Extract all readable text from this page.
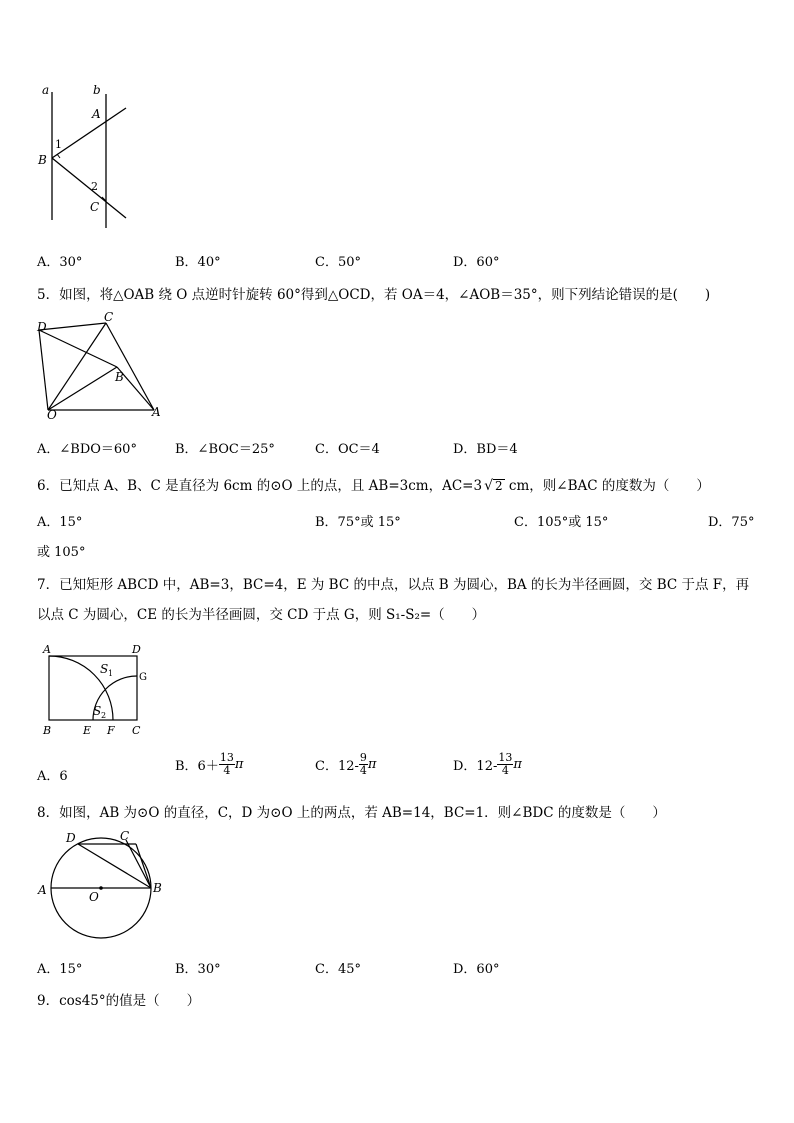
a	b
A
1
B
2
C
A．30°	B．40°	C．50°	D．60°
5．如图，将△OAB 绕 O 点逆时针旋转 60°得到△OCD，若 OA＝4，∠AOB＝35°，则下列结论错误的是(　　)
D
C
B
O	A
A．∠BDO＝60°	B．∠BOC＝25°	C．OC＝4	D．BD＝4
6．已知点 A、B、C 是直径为 6cm 的⊙O 上的点，且 AB=3cm，AC=3 √ 2 cm，则∠BAC 的度数为（　　）
A．15°	B．75°或 15°	C．105°或 15°	D．75°
或 105°
7．已知矩形 ABCD 中，AB=3，BC=4，E 为 BC 的中点，以点 B 为圆心，BA 的长为半径画圆，交 BC 于点 F，再
以点 C 为圆心，CE 的长为半径画圆，交 CD 于点 G，则 S₁-S₂=（　　）
A	D
G
B	E F C
S 1
S 2
A．6
B．$6+ \frac{13}{4}$ π	C．$12- \frac{9}{4}$ π	D．$12- \frac{13}{4}$ π
8．如图，AB 为⊙O 的直径，C，D 为⊙O 上的两点，若 AB=14，BC=1．则∠BDC 的度数是（　　）
D	C
A	O
B
A．15°	B．30°	C．45°	D．60°
9．cos45°的值是（　　）
